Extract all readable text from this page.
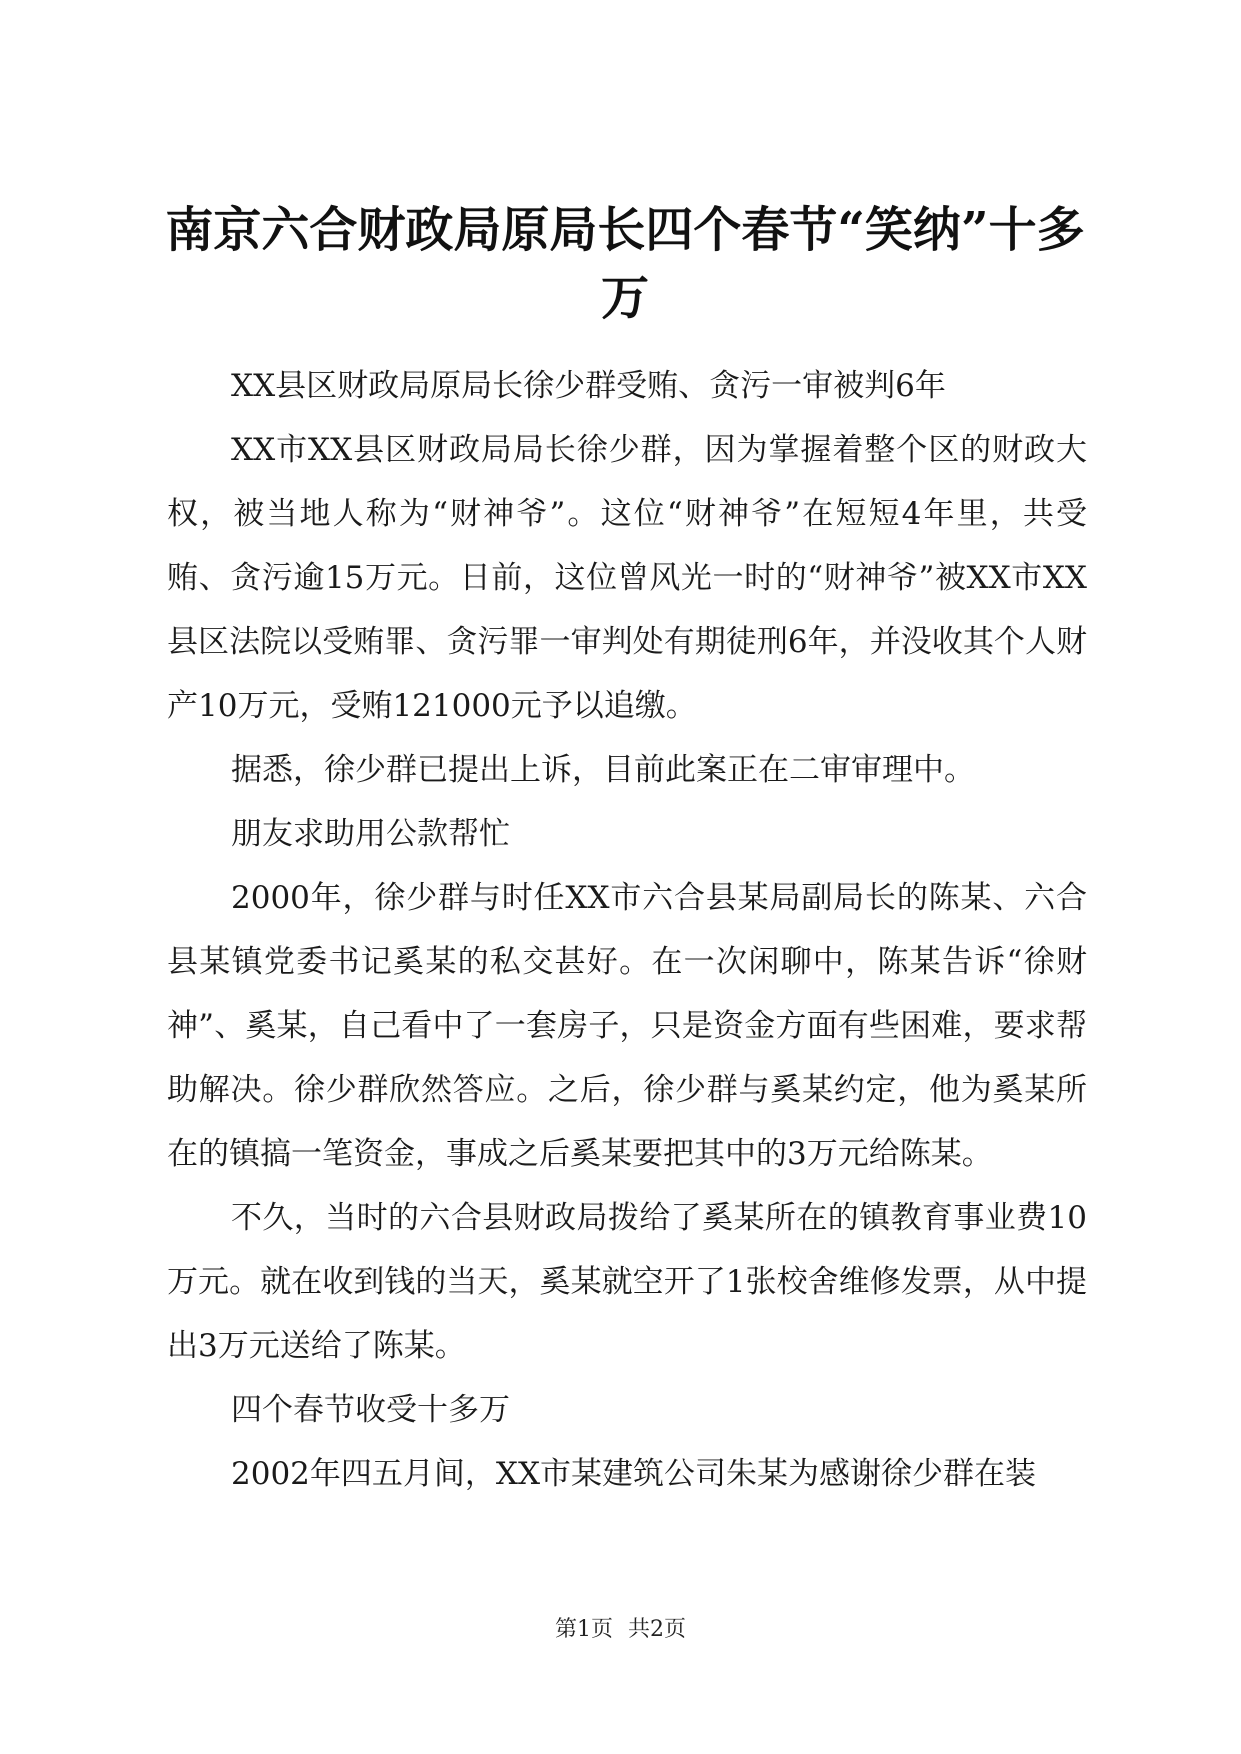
南京六合财政局原局长四个春节“笑纳”十多万

XX县区财政局原局长徐少群受贿、贪污一审被判6年

XX市XX县区财政局局长徐少群，因为掌握着整个区的财政大权，被当地人称为“财神爷”。这位“财神爷”在短短4年里，共受贿、贪污逾15万元。日前，这位曾风光一时的“财神爷”被XX市XX县区法院以受贿罪、贪污罪一审判处有期徒刑6年，并没收其个人财产10万元，受贿121000元予以追缴。

据悉，徐少群已提出上诉，目前此案正在二审审理中。

朋友求助用公款帮忙

2000年，徐少群与时任XX市六合县某局副局长的陈某、六合县某镇党委书记奚某的私交甚好。在一次闲聊中，陈某告诉“徐财神”、奚某，自己看中了一套房子，只是资金方面有些困难，要求帮助解决。徐少群欣然答应。之后，徐少群与奚某约定，他为奚某所在的镇搞一笔资金，事成之后奚某要把其中的3万元给陈某。

不久，当时的六合县财政局拨给了奚某所在的镇教育事业费10万元。就在收到钱的当天，奚某就空开了1张校舍维修发票，从中提出3万元送给了陈某。

四个春节收受十多万

2002年四五月间，XX市某建筑公司朱某为感谢徐少群在装

第1页 共2页
